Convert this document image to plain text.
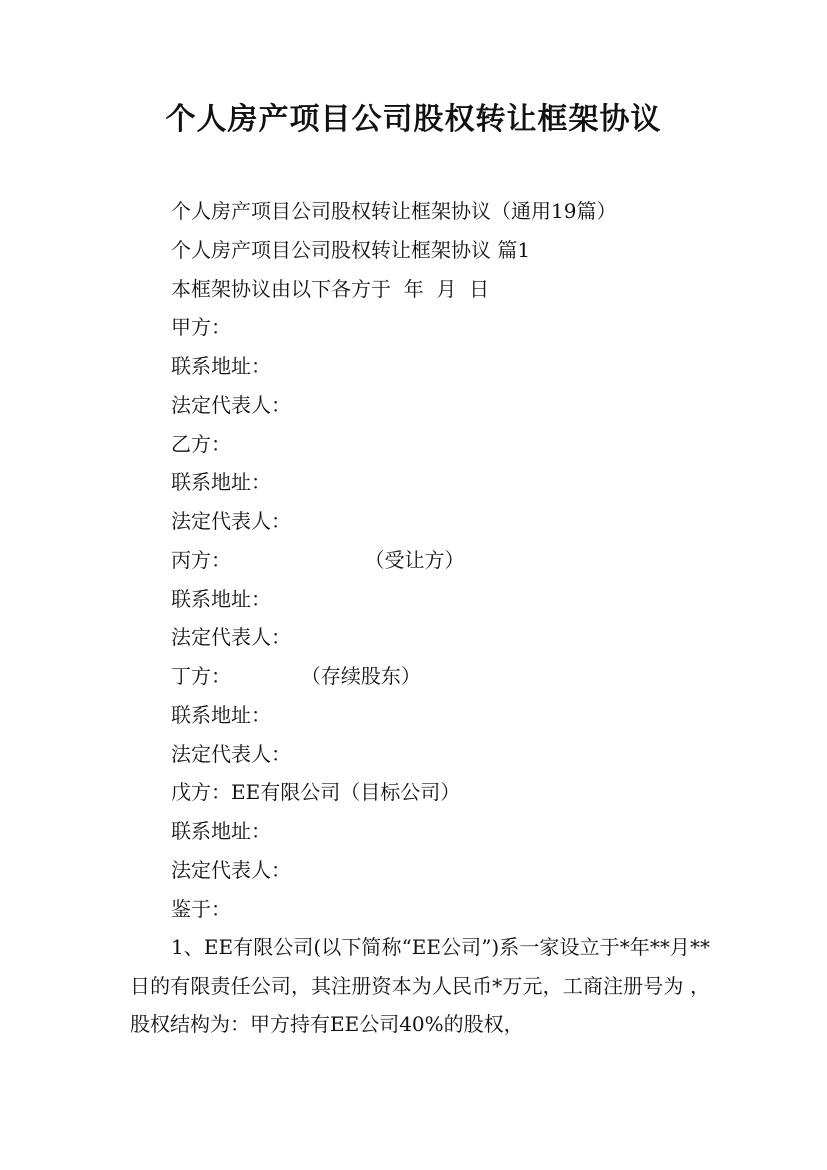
个人房产项目公司股权转让框架协议
个人房产项目公司股权转让框架协议（通用19篇）
个人房产项目公司股权转让框架协议 篇1
本框架协议由以下各方于  年  月  日
甲方：
联系地址：
法定代表人：
乙方：
联系地址：
法定代表人：
丙方：                     （受让方）
联系地址：
法定代表人：
丁方：           （存续股东）
联系地址：
法定代表人：
戊方：EE有限公司（目标公司）
联系地址：
法定代表人：
鉴于：
1、EE有限公司(以下简称“EE公司”)系一家设立于*年**月**日的有限责任公司，其注册资本为人民币*万元，工商注册号为 ，股权结构为：甲方持有EE公司40%的股权，
